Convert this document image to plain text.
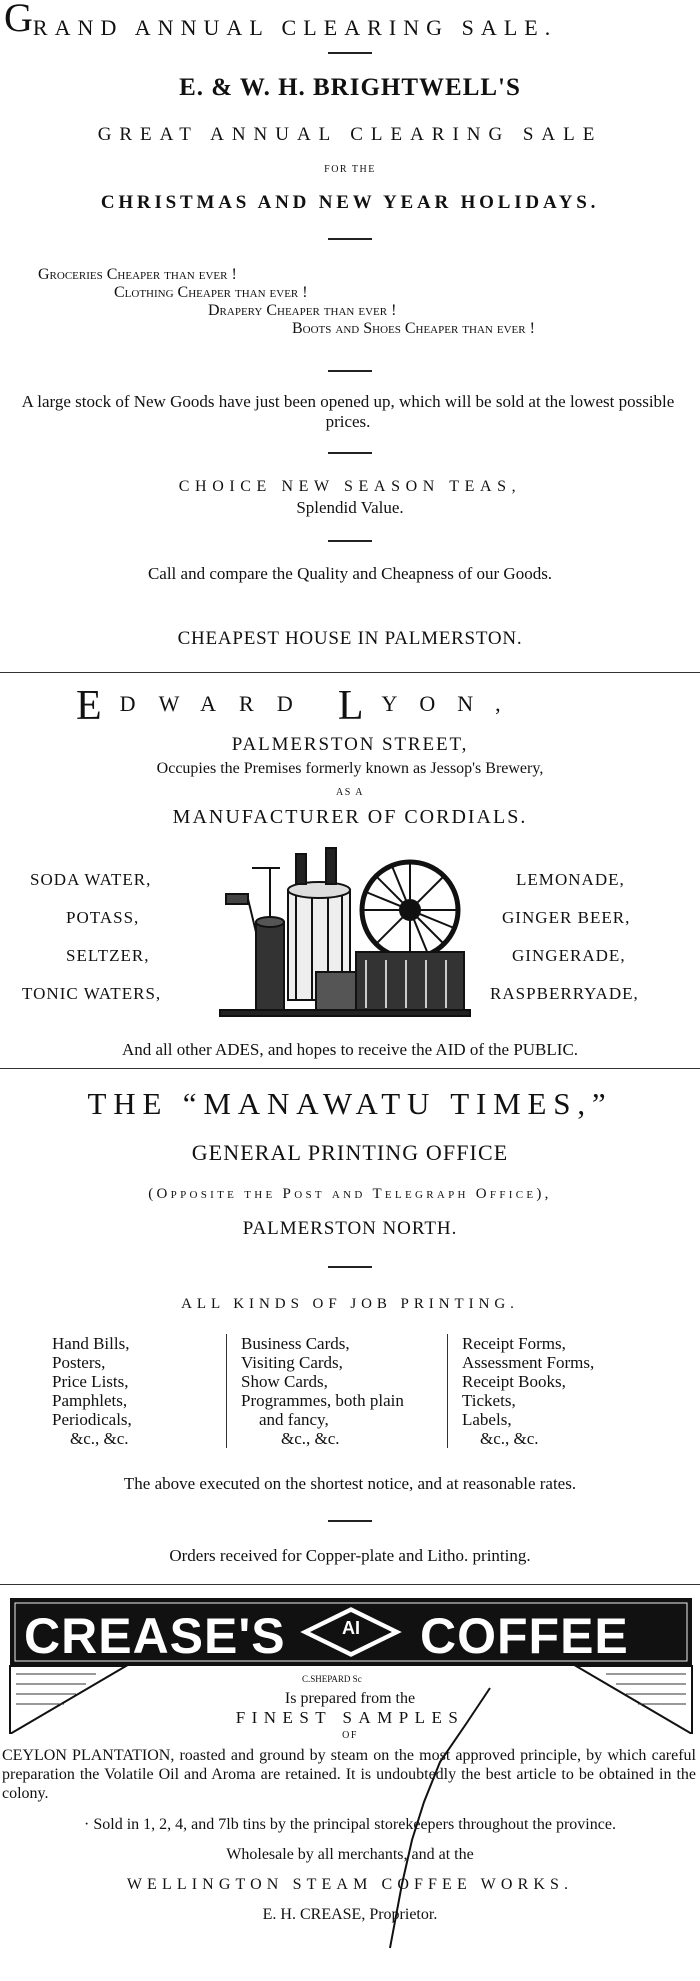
GRAND ANNUAL CLEARING SALE.
E. & W. H. BRIGHTWELL'S
GREAT ANNUAL CLEARING SALE
FOR THE
CHRISTMAS AND NEW YEAR HOLIDAYS.
Groceries Cheaper than ever !
Clothing Cheaper than ever !
Drapery Cheaper than ever !
Boots and Shoes Cheaper than ever !
A large stock of New Goods have just been opened up, which will be sold at the lowest possible prices.
CHOICE NEW SEASON TEAS,
Splendid Value.
Call and compare the Quality and Cheapness of our Goods.
CHEAPEST HOUSE IN PALMERSTON.
EDWARD L YON,
PALMERSTON STREET,
Occupies the Premises formerly known as Jessop's Brewery,
AS A
MANUFACTURER OF CORDIALS.
SODA WATER,
POTASS,
SELTZER,
TONIC WATERS,
LEMONADE,
GINGER BEER,
GINGERADE,
RASPBERRYADE,
And all other ADES, and hopes to receive the AID of the PUBLIC.
THE “MANAWATU TIMES,”
GENERAL PRINTING OFFICE
(Opposite the Post and Telegraph Office),
PALMERSTON NORTH.
ALL KINDS OF JOB PRINTING.
Hand Bills,
Posters,
Price Lists,
Pamphlets,
Periodicals,
&c., &c.
Business Cards,
Visiting Cards,
Show Cards,
Programmes, both plain
and fancy,
&c., &c.
Receipt Forms,
Assessment Forms,
Receipt Books,
Tickets,
Labels,
&c., &c.
The above executed on the shortest notice, and at reasonable rates.
Orders received for Copper-plate and Litho. printing.
CREASE'S	AI COFFEE
C.SHEPARD Sc
Is prepared from the
FINEST SAMPLES
OF
CEYLON PLANTATION, roasted and ground by steam on the most approved principle, by which careful preparation the Volatile Oil and Aroma are retained. It is undoubtedly the best article to be obtained in the colony.
· Sold in 1, 2, 4, and 7lb tins by the principal storekeepers throughout the province.
Wholesale by all merchants, and at the
WELLINGTON STEAM COFFEE WORKS.
E. H. CREASE, Proprietor.
